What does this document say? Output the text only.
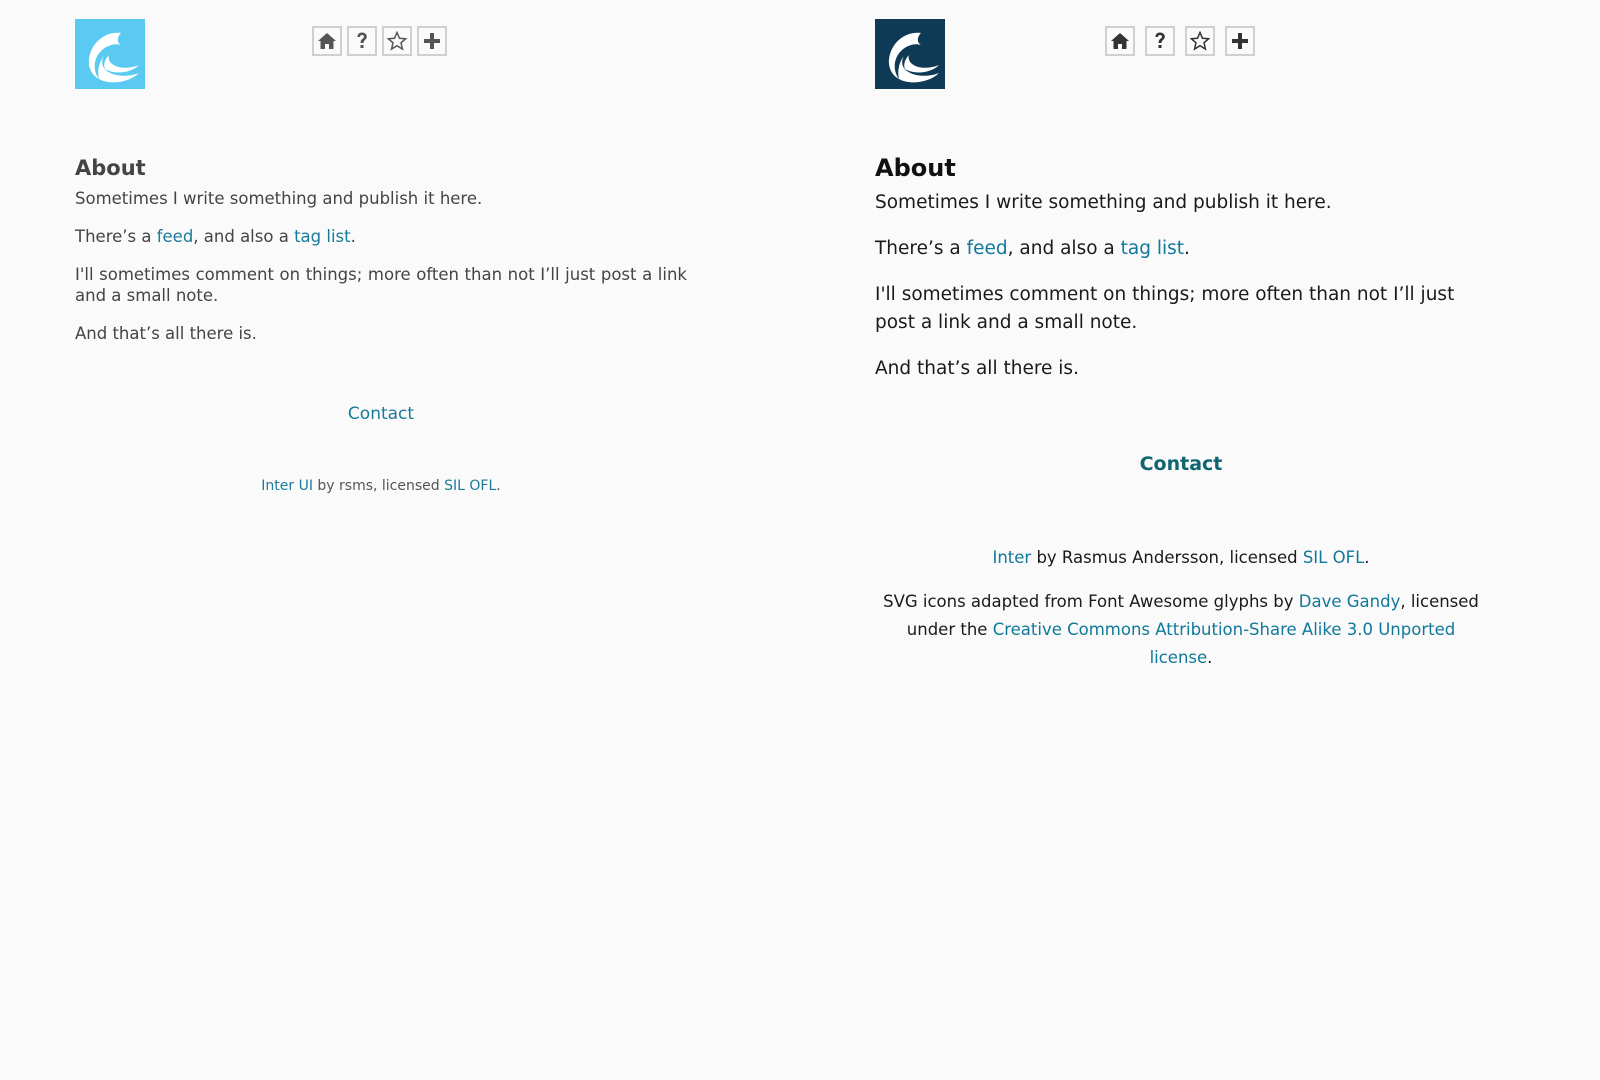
About

Sometimes I write something and publish it here.

There’s a feed, and also a tag list.

I'll sometimes comment on things; more often than not I’ll just post a link and a small note.

And that’s all there is.

Contact
Inter UI by rsms, licensed SIL OFL.
About

Sometimes I write something and publish it here.

There’s a feed, and also a tag list.

I'll sometimes comment on things; more often than not I’ll just post a link and a small note.

And that’s all there is.

Contact

Inter by Rasmus Andersson, licensed SIL OFL.

SVG icons adapted from Font Awesome glyphs by Dave Gandy, licensed under the Creative Commons Attribution-Share Alike 3.0 Unported license.
